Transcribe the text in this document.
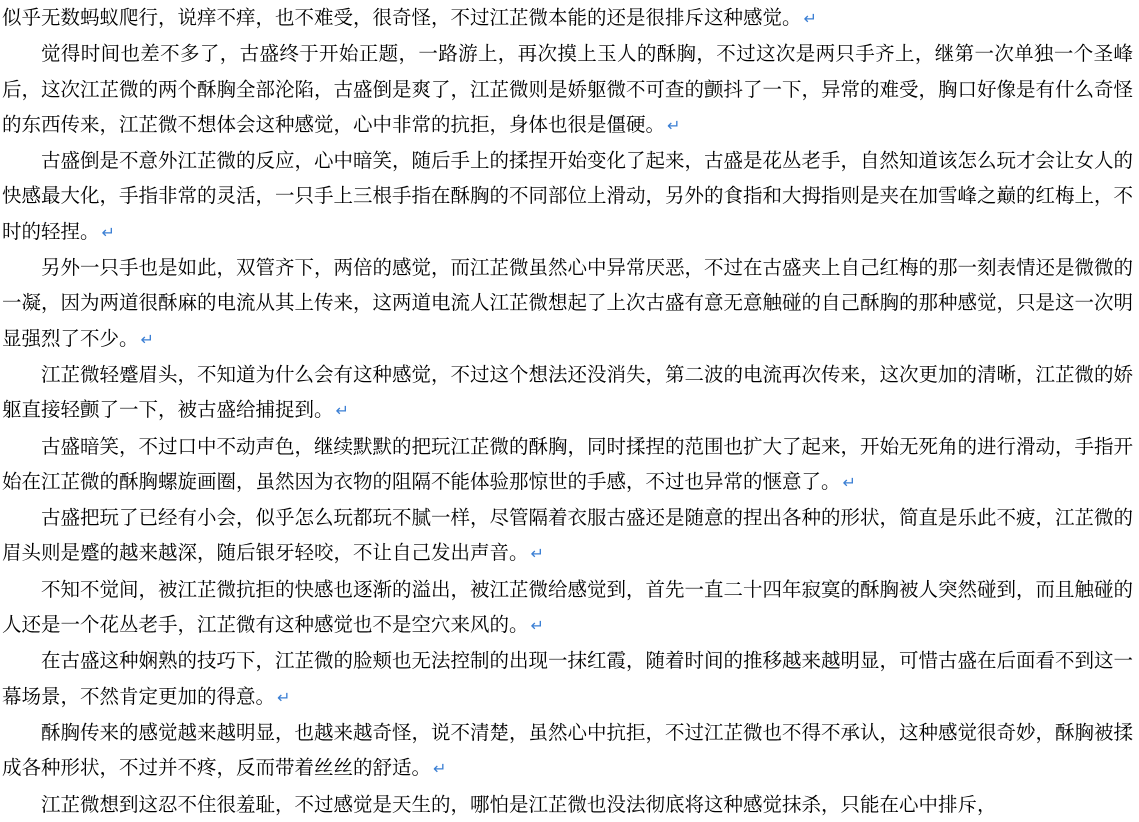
似乎无数蚂蚁爬行，说痒不痒，也不难受，很奇怪，不过江芷微本能的还是很排斥这种感觉。 ↵
觉得时间也差不多了，古盛终于开始正题，一路游上，再次摸上玉人的酥胸，不过这次是两只手齐上，继第一次单独一个圣峰后，这次江芷微的两个酥胸全部沦陷，古盛倒是爽了，江芷微则是娇躯微不可查的颤抖了一下，异常的难受，胸口好像是有什么奇怪的东西传来，江芷微不想体会这种感觉，心中非常的抗拒，身体也很是僵硬。 ↵
古盛倒是不意外江芷微的反应，心中暗笑，随后手上的揉捏开始变化了起来，古盛是花丛老手，自然知道该怎么玩才会让女人的快感最大化，手指非常的灵活，一只手上三根手指在酥胸的不同部位上滑动，另外的食指和大拇指则是夹在加雪峰之巅的红梅上，不时的轻捏。 ↵
另外一只手也是如此，双管齐下，两倍的感觉，而江芷微虽然心中异常厌恶，不过在古盛夹上自己红梅的那一刻表情还是微微的一凝，因为两道很酥麻的电流从其上传来，这两道电流人江芷微想起了上次古盛有意无意触碰的自己酥胸的那种感觉，只是这一次明显强烈了不少。 ↵
江芷微轻蹙眉头，不知道为什么会有这种感觉，不过这个想法还没消失，第二波的电流再次传来，这次更加的清晰，江芷微的娇躯直接轻颤了一下，被古盛给捕捉到。 ↵
古盛暗笑，不过口中不动声色，继续默默的把玩江芷微的酥胸，同时揉捏的范围也扩大了起来，开始无死角的进行滑动，手指开始在江芷微的酥胸螺旋画圈，虽然因为衣物的阻隔不能体验那惊世的手感，不过也异常的惬意了。 ↵
古盛把玩了已经有小会，似乎怎么玩都玩不腻一样，尽管隔着衣服古盛还是随意的捏出各种的形状，简直是乐此不疲，江芷微的眉头则是蹙的越来越深，随后银牙轻咬，不让自己发出声音。 ↵
不知不觉间，被江芷微抗拒的快感也逐渐的溢出，被江芷微给感觉到，首先一直二十四年寂寞的酥胸被人突然碰到，而且触碰的人还是一个花丛老手，江芷微有这种感觉也不是空穴来风的。 ↵
在古盛这种娴熟的技巧下，江芷微的脸颊也无法控制的出现一抹红霞，随着时间的推移越来越明显，可惜古盛在后面看不到这一幕场景，不然肯定更加的得意。 ↵
酥胸传来的感觉越来越明显，也越来越奇怪，说不清楚，虽然心中抗拒，不过江芷微也不得不承认，这种感觉很奇妙，酥胸被揉成各种形状，不过并不疼，反而带着丝丝的舒适。 ↵
江芷微想到这忍不住很羞耻，不过感觉是天生的，哪怕是江芷微也没法彻底将这种感觉抹杀，只能在心中排斥，
